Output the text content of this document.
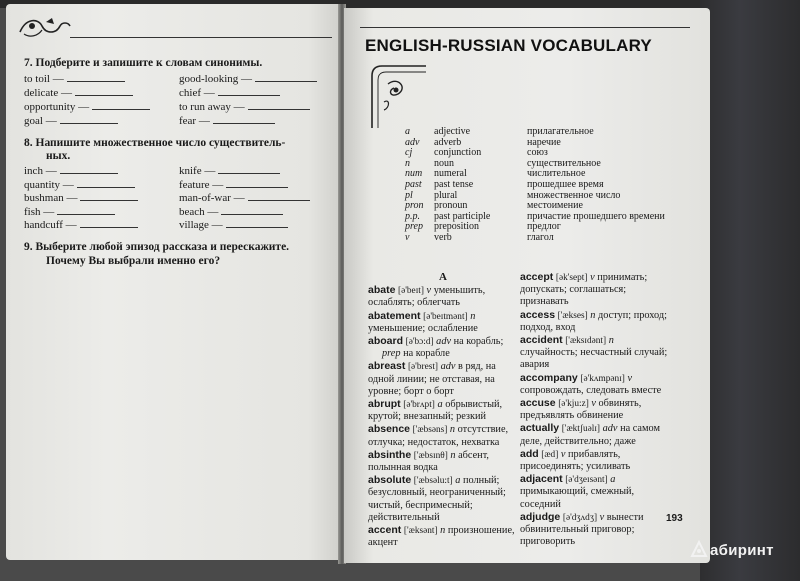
7. Подберите и запишите к словам синонимы.
to toil —	good-looking —
delicate —	chief —
opportunity —	to run away —
goal —	fear —
8. Напишите множественное число существитель-
ных.
inch —	knife —
quantity —	feature —
bushman —	man-of-war —
fish —	beach —
handcuff —	village —
9. Выберите любой эпизод рассказа и перескажите.
Почему Вы выбрали именно его?
ENGLISH-RUSSIAN VOCABULARY
a adjective	прилагательное
adv adverb	наречие
cj conjunction	союз
n noun	существительное
num numeral	числительное
past past tense	прошедшее время
pl plural	множественное число
pron pronoun	местоимение
p.p. past participle	причастие прошедшего времени
prep preposition	предлог
v verb	глагол
A
abate [ə'beɪt] v уменьшить, ослаблять; облегчать
abatement [ə'beɪtmənt] n уменьшение; ослабление
aboard [ə'bɔ:d] adv на корабль;
prep на корабле
abreast [ə'brest] adv в ряд, на одной линии; не отставая, на уровне; борт о борт
abrupt [ə'brʌpt] a обрывистый, крутой; внезапный; резкий
absence ['æbsəns] n отсутствие, отлучка; недостаток, нехватка
absinthe ['æbsɪnθ] n абсент, полынная водка
absolute ['æbsəlu:t] a полный; безусловный, неограниченный; чистый, беспримесный; действительный
accent ['æksənt] n произношение, акцент
accept [ək'sept] v принимать; допускать; соглашаться; признавать
access ['ækses] n доступ; проход; подход, вход
accident ['æksɪdənt] n случайность; несчастный случай; авария
accompany [ə'kʌmpənɪ] v сопровождать, следовать вместе
accuse [ə'kju:z] v обвинять, предъявлять обвинение
actually ['æktʃuəlɪ] adv на самом деле, действительно; даже
add [æd] v прибавлять, присоединять; усиливать
adjacent [ə'dʒeɪsənt] a примыкающий, смежный, соседний
adjudge [ə'dʒʌdʒ] v вынести обвинительный приговор; приговорить
193
абиринт
